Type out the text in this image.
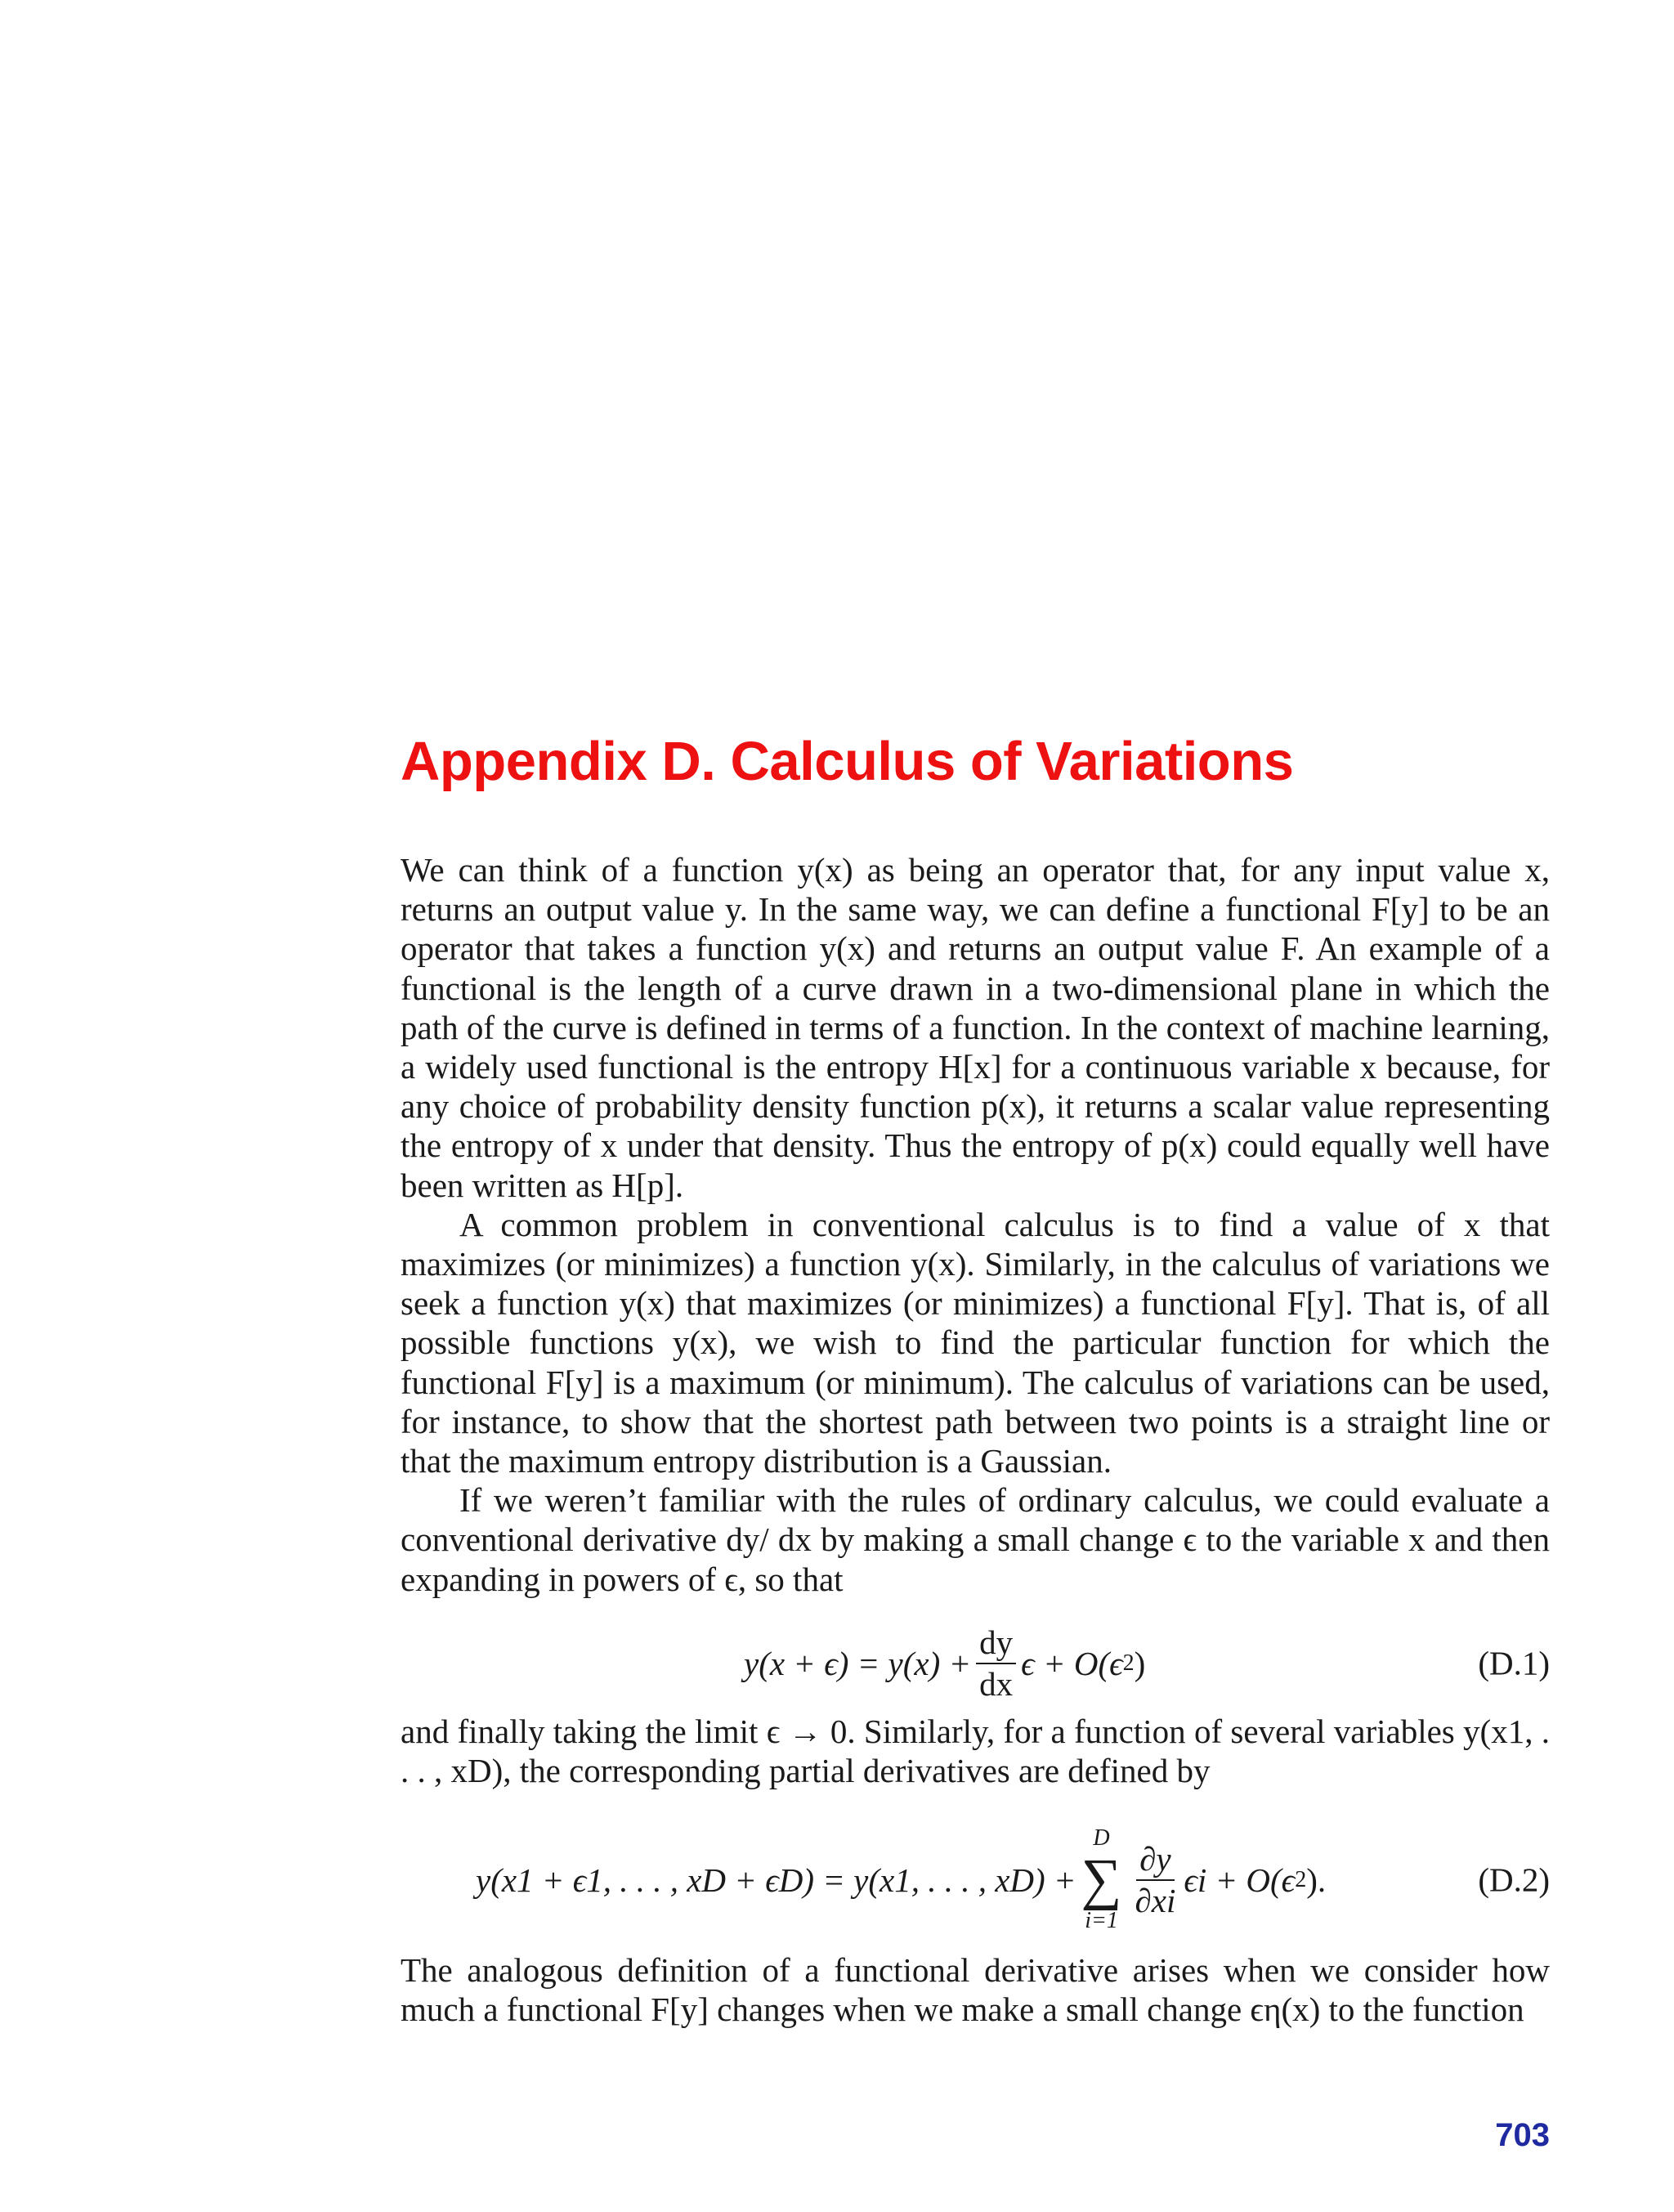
Appendix D. Calculus of Variations

We can think of a function y(x) as being an operator that, for any input value x, returns an output value y. In the same way, we can define a functional F[y] to be an operator that takes a function y(x) and returns an output value F. An example of a functional is the length of a curve drawn in a two-dimensional plane in which the path of the curve is defined in terms of a function. In the context of machine learning, a widely used functional is the entropy H[x] for a continuous variable x because, for any choice of probability density function p(x), it returns a scalar value representing the entropy of x under that density. Thus the entropy of p(x) could equally well have been written as H[p].

A common problem in conventional calculus is to find a value of x that maximizes (or minimizes) a function y(x). Similarly, in the calculus of variations we seek a function y(x) that maximizes (or minimizes) a functional F[y]. That is, of all possible functions y(x), we wish to find the particular function for which the functional F[y] is a maximum (or minimum). The calculus of variations can be used, for instance, to show that the shortest path between two points is a straight line or that the maximum entropy distribution is a Gaussian.

If we weren’t familiar with the rules of ordinary calculus, we could evaluate a conventional derivative dy/ dx by making a small change ϵ to the variable x and then expanding in powers of ϵ, so that

$y(x + \epsilon) = y(x) + \frac{dy}{dx}$ ϵ + O(ϵ 2 )	(D.1)

and finally taking the limit ϵ → 0. Similarly, for a function of several variables y(x1, . . . , xD), the corresponding partial derivatives are defined by

y(x1 + ϵ1, . . . , xD + ϵD) = y(x1, . . . , xD) +
D
∑
i=1
$\frac{\partial y}{\partial xi}$ ϵi + O(ϵ 2 ).	(D.2)

The analogous definition of a functional derivative arises when we consider how much a functional F[y] changes when we make a small change ϵη(x) to the function

703
